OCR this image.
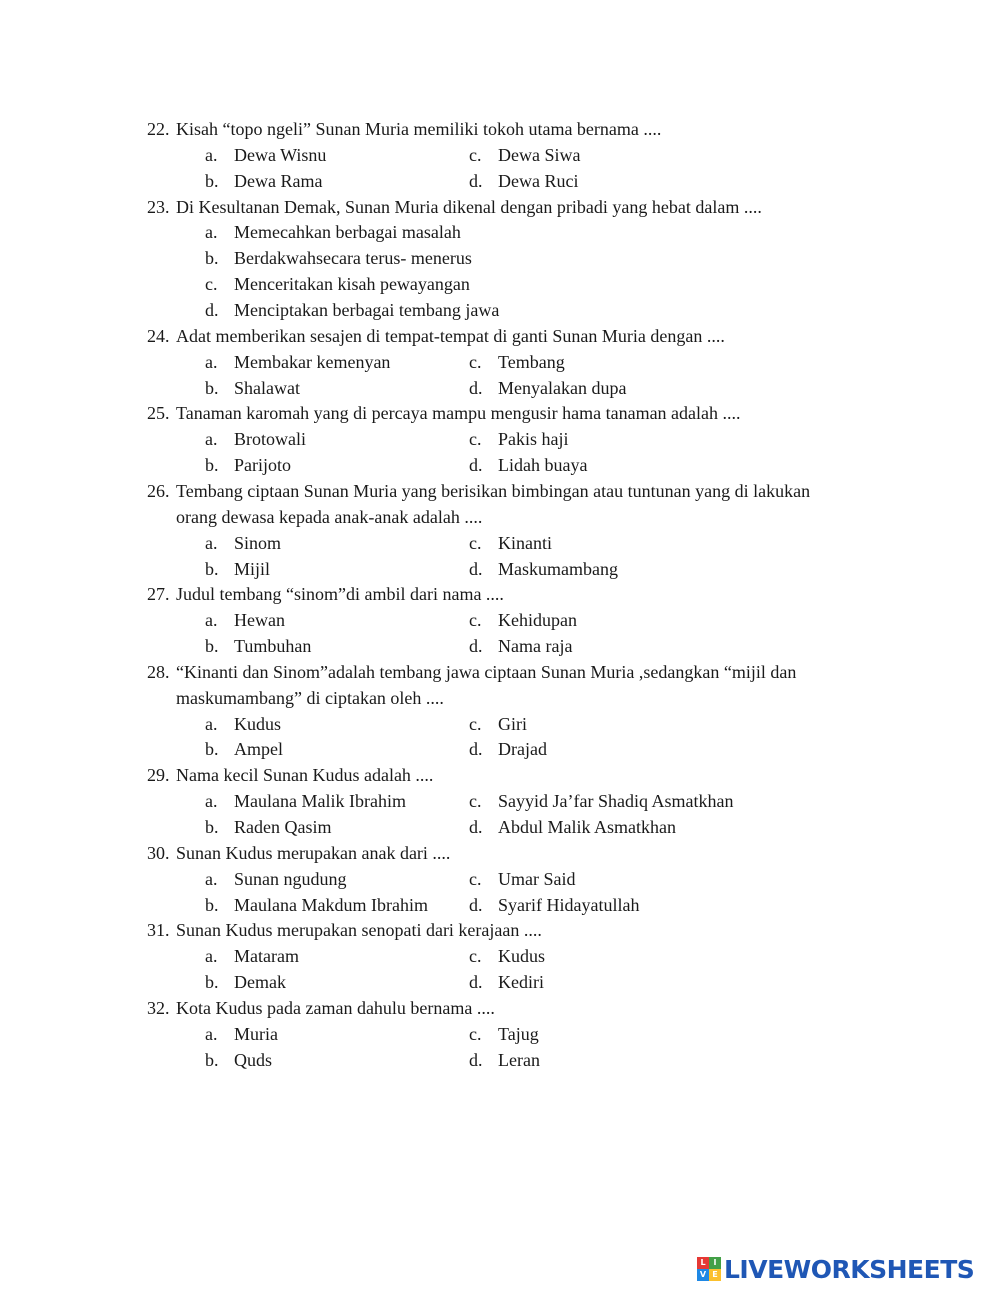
22. Kisah “topo ngeli” Sunan Muria memiliki tokoh utama bernama ....
a. Dewa Wisnu	c. Dewa Siwa
b. Dewa Rama	d. Dewa Ruci
23. Di Kesultanan Demak, Sunan Muria dikenal dengan pribadi yang hebat dalam ....
a. Memecahkan berbagai masalah
b. Berdakwahsecara terus- menerus
c. Menceritakan kisah pewayangan
d. Menciptakan berbagai tembang jawa
24. Adat memberikan sesajen di tempat-tempat di ganti Sunan Muria dengan ....
a. Membakar kemenyan	c. Tembang
b. Shalawat	d. Menyalakan dupa
25. Tanaman karomah yang di percaya mampu mengusir hama tanaman adalah ....
a. Brotowali	c. Pakis haji
b. Parijoto	d. Lidah buaya
26. Tembang ciptaan Sunan Muria yang berisikan bimbingan atau tuntunan yang di lakukan
orang dewasa kepada anak-anak adalah ....
a. Sinom	c. Kinanti
b. Mijil	d. Maskumambang
27. Judul tembang “sinom”di ambil dari nama ....
a. Hewan	c. Kehidupan
b. Tumbuhan	d. Nama raja
28. “Kinanti dan Sinom”adalah tembang jawa ciptaan Sunan Muria ,sedangkan “mijil dan
maskumambang” di ciptakan oleh ....
a. Kudus	c. Giri
b. Ampel	d. Drajad
29. Nama kecil Sunan Kudus adalah ....
a. Maulana Malik Ibrahim	c. Sayyid Ja’far Shadiq Asmatkhan
b. Raden Qasim	d. Abdul Malik Asmatkhan
30. Sunan Kudus merupakan anak dari ....
a. Sunan ngudung	c. Umar Said
b. Maulana Makdum Ibrahim d. Syarif Hidayatullah
31. Sunan Kudus merupakan senopati dari kerajaan ....
a. Mataram	c. Kudus
b. Demak	d. Kediri
32. Kota Kudus pada zaman dahulu bernama ....
a. Muria	c. Tajug
b. Quds	d. Leran
L I
V E LIVEWORKSHEETS
